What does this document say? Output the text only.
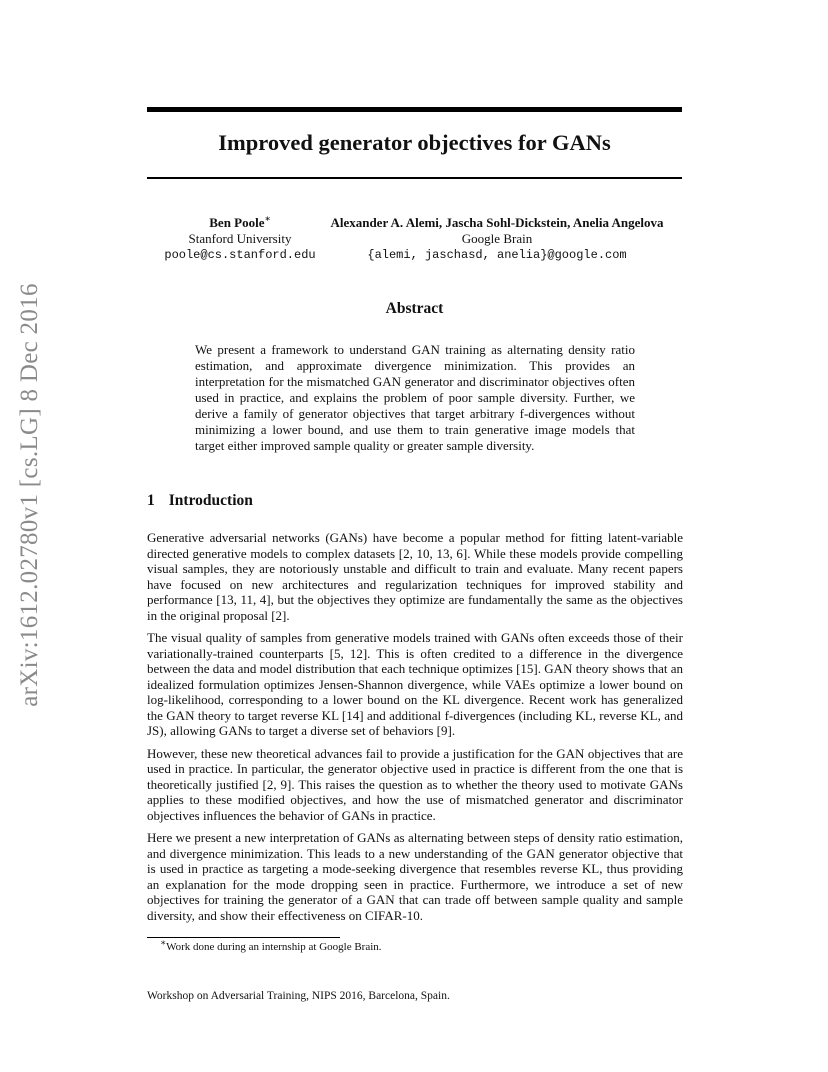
arXiv:1612.02780v1 [cs.LG] 8 Dec 2016
Improved generator objectives for GANs
Ben Poole∗
Stanford University
poole@cs.stanford.edu
Alexander A. Alemi, Jascha Sohl-Dickstein, Anelia Angelova
Google Brain
{alemi, jaschasd, anelia}@google.com
Abstract

We present a framework to understand GAN training as alternating density ratio estimation, and approximate divergence minimization. This provides an interpretation for the mismatched GAN generator and discriminator objectives often used in practice, and explains the problem of poor sample diversity. Further, we derive a family of generator objectives that target arbitrary f-divergences without minimizing a lower bound, and use them to train generative image models that target either improved sample quality or greater sample diversity.

1 Introduction

Generative adversarial networks (GANs) have become a popular method for fitting latent-variable directed generative models to complex datasets [2, 10, 13, 6]. While these models provide compelling visual samples, they are notoriously unstable and difficult to train and evaluate. Many recent papers have focused on new architectures and regularization techniques for improved stability and performance [13, 11, 4], but the objectives they optimize are fundamentally the same as the objectives in the original proposal [2].

The visual quality of samples from generative models trained with GANs often exceeds those of their variationally-trained counterparts [5, 12]. This is often credited to a difference in the divergence between the data and model distribution that each technique optimizes [15]. GAN theory shows that an idealized formulation optimizes Jensen-Shannon divergence, while VAEs optimize a lower bound on log-likelihood, corresponding to a lower bound on the KL divergence. Recent work has generalized the GAN theory to target reverse KL [14] and additional f-divergences (including KL, reverse KL, and JS), allowing GANs to target a diverse set of behaviors [9].

However, these new theoretical advances fail to provide a justification for the GAN objectives that are used in practice. In particular, the generator objective used in practice is different from the one that is theoretically justified [2, 9]. This raises the question as to whether the theory used to motivate GANs applies to these modified objectives, and how the use of mismatched generator and discriminator objectives influences the behavior of GANs in practice.

Here we present a new interpretation of GANs as alternating between steps of density ratio estimation, and divergence minimization. This leads to a new understanding of the GAN generator objective that is used in practice as targeting a mode-seeking divergence that resembles reverse KL, thus providing an explanation for the mode dropping seen in practice. Furthermore, we introduce a set of new objectives for training the generator of a GAN that can trade off between sample quality and sample diversity, and show their effectiveness on CIFAR-10.

∗Work done during an internship at Google Brain.

Workshop on Adversarial Training, NIPS 2016, Barcelona, Spain.
